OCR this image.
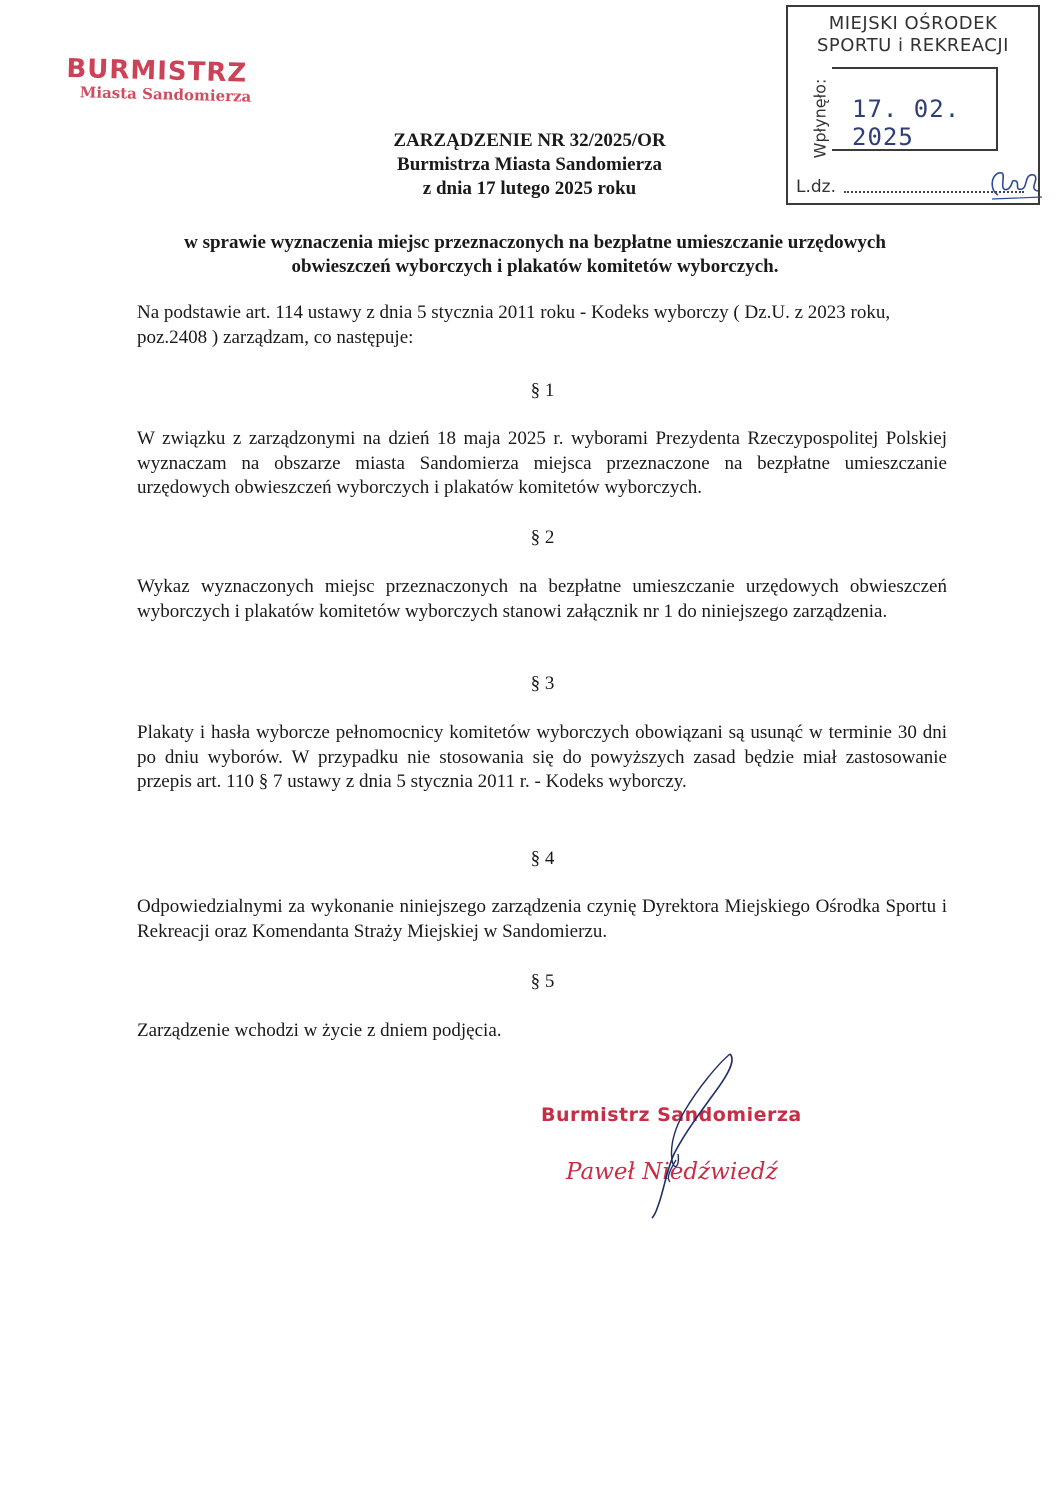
BURMISTRZ
Miasta Sandomierza
MIEJSKI OŚRODEK
SPORTU i REKREACJI
Wpłynęło: 17. 02. 2025
L.dz.
ZARZĄDZENIE NR 32/2025/OR
Burmistrza Miasta Sandomierza
z dnia 17 lutego 2025 roku
w sprawie wyznaczenia miejsc przeznaczonych na bezpłatne umieszczanie urzędowych
obwieszczeń wyborczych i plakatów komitetów wyborczych.
Na podstawie art. 114 ustawy z dnia 5 stycznia 2011 roku - Kodeks wyborczy ( Dz.U. z 2023 roku, poz.2408 ) zarządzam, co następuje:
§ 1
W związku z zarządzonymi na dzień 18 maja 2025 r. wyborami Prezydenta Rzeczypospolitej Polskiej wyznaczam na obszarze miasta Sandomierza miejsca przeznaczone na bezpłatne umieszczanie urzędowych obwieszczeń wyborczych i plakatów komitetów wyborczych.
§ 2
Wykaz wyznaczonych miejsc przeznaczonych na bezpłatne umieszczanie urzędowych obwieszczeń wyborczych i plakatów komitetów wyborczych stanowi załącznik nr 1 do niniejszego zarządzenia.
§ 3
Plakaty i hasła wyborcze pełnomocnicy komitetów wyborczych obowiązani są usunąć w terminie 30 dni po dniu wyborów. W przypadku nie stosowania się do powyższych zasad będzie miał zastosowanie przepis art. 110 § 7 ustawy z dnia 5 stycznia 2011 r. - Kodeks wyborczy.
§ 4
Odpowiedzialnymi za wykonanie niniejszego zarządzenia czynię Dyrektora Miejskiego Ośrodka Sportu i Rekreacji oraz Komendanta Straży Miejskiej w Sandomierzu.
§ 5
Zarządzenie wchodzi w życie z dniem podjęcia.
Burmistrz Sandomierza
Paweł Niedźwiedź
